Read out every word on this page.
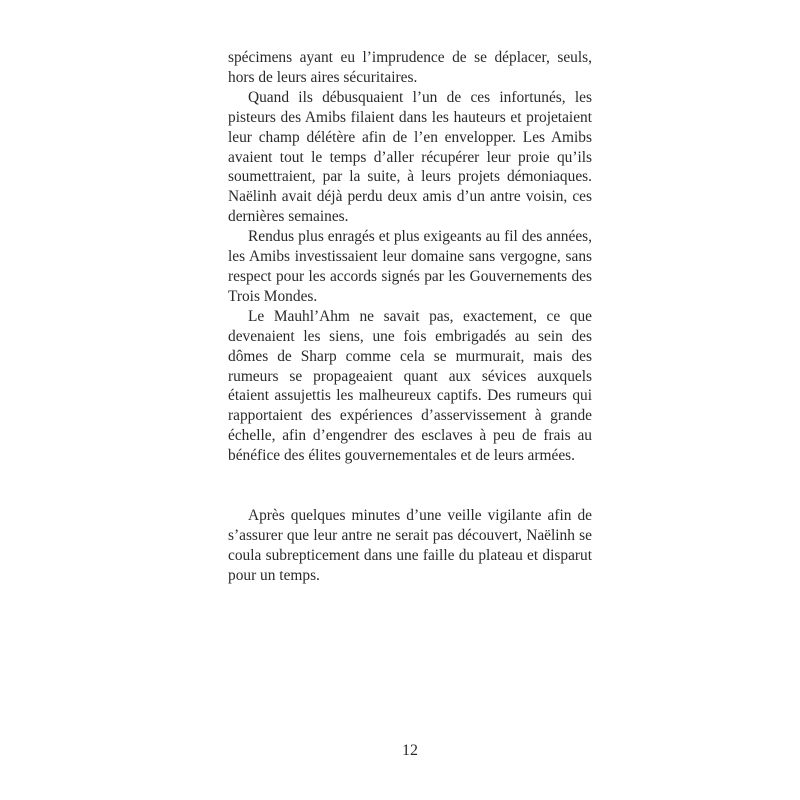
spécimens ayant eu l’imprudence de se déplacer, seuls, hors de leurs aires sécuritaires.

Quand ils débusquaient l’un de ces infortunés, les pisteurs des Amibs filaient dans les hauteurs et projetaient leur champ délétère afin de l’en envelopper. Les Amibs avaient tout le temps d’aller récupérer leur proie qu’ils soumettraient, par la suite, à leurs projets démoniaques. Naëlinh avait déjà perdu deux amis d’un antre voisin, ces dernières semaines.

Rendus plus enragés et plus exigeants au fil des années, les Amibs investissaient leur domaine sans vergogne, sans respect pour les accords signés par les Gouvernements des Trois Mondes.

Le Mauhl’Ahm ne savait pas, exactement, ce que devenaient les siens, une fois embrigadés au sein des dômes de Sharp comme cela se murmurait, mais des rumeurs se propageaient quant aux sévices auxquels étaient assujettis les malheureux captifs. Des rumeurs qui rapportaient des expériences d’asservissement à grande échelle, afin d’engendrer des esclaves à peu de frais au bénéfice des élites gouvernementales et de leurs armées.

Après quelques minutes d’une veille vigilante afin de s’assurer que leur antre ne serait pas découvert, Naëlinh se coula subrepticement dans une faille du plateau et disparut pour un temps.

12
